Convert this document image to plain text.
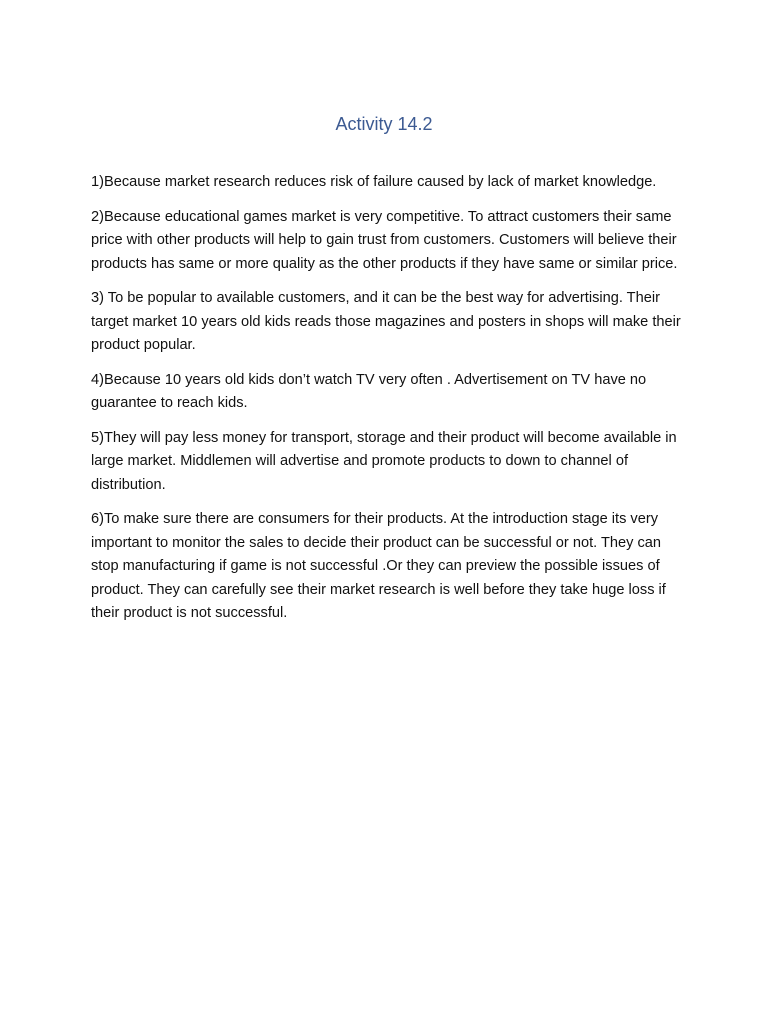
Activity 14.2

1)Because market research reduces risk of failure caused by lack of market knowledge.

2)Because educational games market is very competitive. To attract customers their same price with other products will help to gain trust from customers. Customers will believe their products has same or more quality as the other products if they have same or similar price.

3) To be popular to available customers, and it can be the best way for advertising. Their target market 10 years old kids reads those magazines and posters in shops will make their product popular.

4)Because 10 years old kids don’t watch TV very often . Advertisement on TV have no guarantee to reach kids.

5)They will pay less money for transport, storage and their product will become available in large market. Middlemen will advertise and promote products to down to channel of distribution.

6)To make sure there are consumers for their products. At the introduction stage its very important to monitor the sales to decide their product can be successful or not. They can stop manufacturing if game is not successful .Or they can preview the possible issues of product. They can carefully see their market research is well before they take huge loss if their product is not successful.
